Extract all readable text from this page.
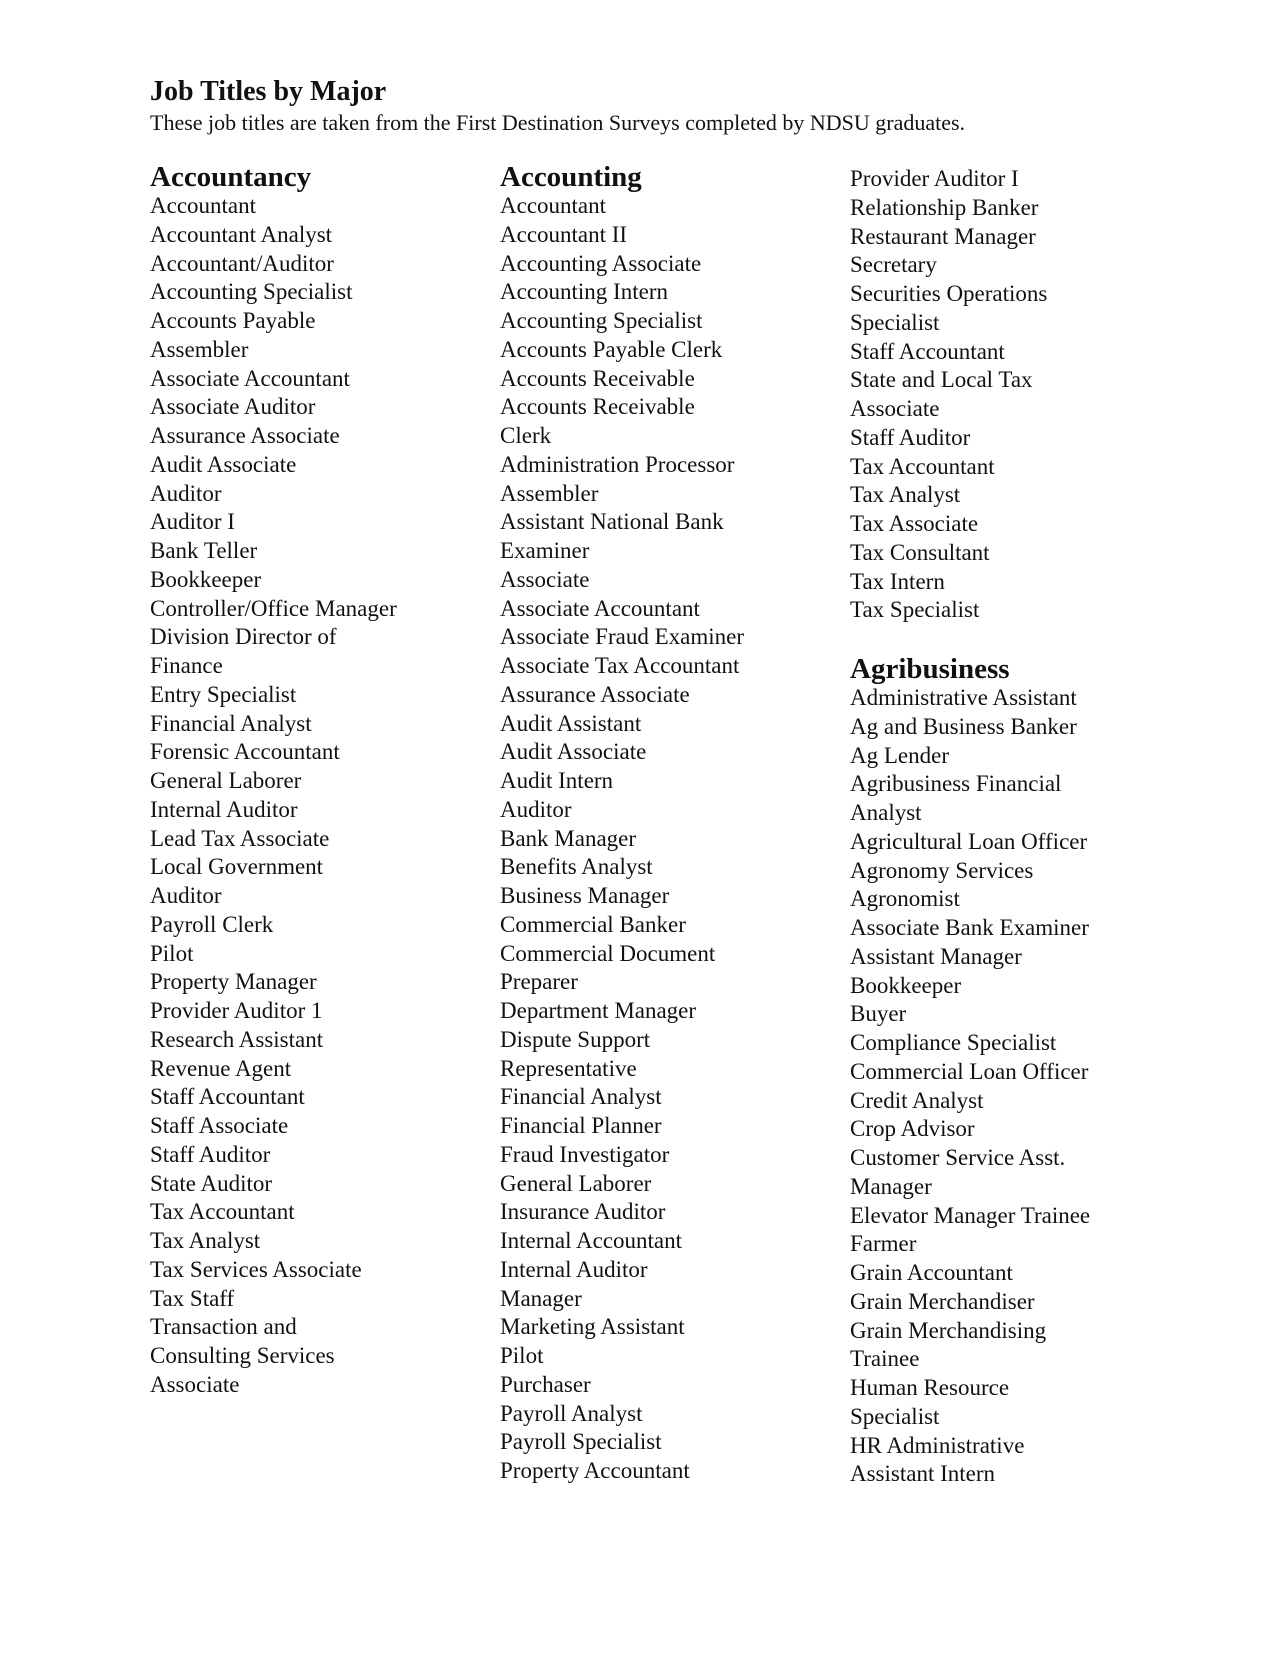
Job Titles by Major
These job titles are taken from the First Destination Surveys completed by NDSU graduates.
Accountancy
Accountant
Accountant Analyst
Accountant/Auditor
Accounting Specialist
Accounts Payable
Assembler
Associate Accountant
Associate Auditor
Assurance Associate
Audit Associate
Auditor
Auditor I
Bank Teller
Bookkeeper
Controller/Office Manager
Division Director of
Finance
Entry Specialist
Financial Analyst
Forensic Accountant
General Laborer
Internal Auditor
Lead Tax Associate
Local Government
Auditor
Payroll Clerk
Pilot
Property Manager
Provider Auditor 1
Research Assistant
Revenue Agent
Staff Accountant
Staff Associate
Staff Auditor
State Auditor
Tax Accountant
Tax Analyst
Tax Services Associate
Tax Staff
Transaction and
Consulting Services
Associate
Accounting
Accountant
Accountant II
Accounting Associate
Accounting Intern
Accounting Specialist
Accounts Payable Clerk
Accounts Receivable
Accounts Receivable
Clerk
Administration Processor
Assembler
Assistant National Bank
Examiner
Associate
Associate Accountant
Associate Fraud Examiner
Associate Tax Accountant
Assurance Associate
Audit Assistant
Audit Associate
Audit Intern
Auditor
Bank Manager
Benefits Analyst
Business Manager
Commercial Banker
Commercial Document
Preparer
Department Manager
Dispute Support
Representative
Financial Analyst
Financial Planner
Fraud Investigator
General Laborer
Insurance Auditor
Internal Accountant
Internal Auditor
Manager
Marketing Assistant
Pilot
Purchaser
Payroll Analyst
Payroll Specialist
Property Accountant
Provider Auditor I
Relationship Banker
Restaurant Manager
Secretary
Securities Operations
Specialist
Staff Accountant
State and Local Tax
Associate
Staff Auditor
Tax Accountant
Tax Analyst
Tax Associate
Tax Consultant
Tax Intern
Tax Specialist
Agribusiness
Administrative Assistant
Ag and Business Banker
Ag Lender
Agribusiness Financial
Analyst
Agricultural Loan Officer
Agronomy Services
Agronomist
Associate Bank Examiner
Assistant Manager
Bookkeeper
Buyer
Compliance Specialist
Commercial Loan Officer
Credit Analyst
Crop Advisor
Customer Service Asst.
Manager
Elevator Manager Trainee
Farmer
Grain Accountant
Grain Merchandiser
Grain Merchandising
Trainee
Human Resource
Specialist
HR Administrative
Assistant Intern
